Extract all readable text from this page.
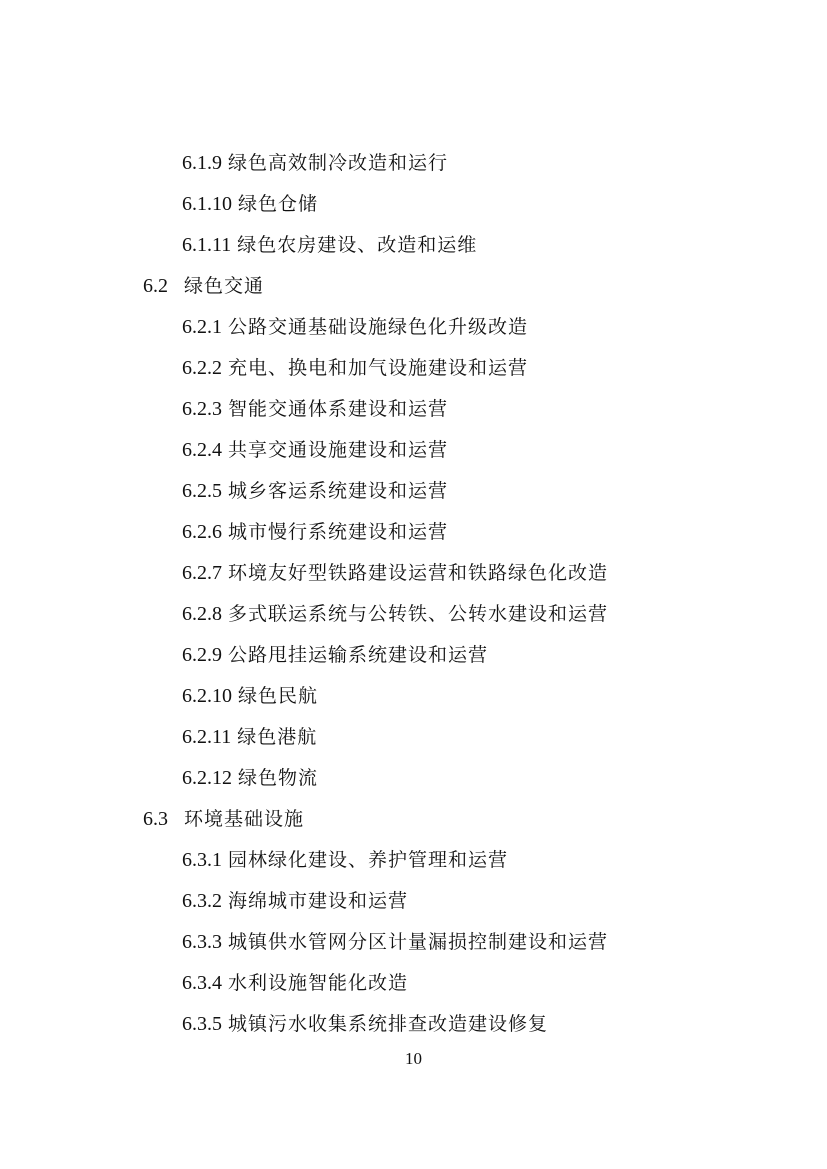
6.1.9 绿色高效制冷改造和运行
6.1.10 绿色仓储
6.1.11 绿色农房建设、改造和运维
6.2 绿色交通
6.2.1 公路交通基础设施绿色化升级改造
6.2.2 充电、换电和加气设施建设和运营
6.2.3 智能交通体系建设和运营
6.2.4 共享交通设施建设和运营
6.2.5 城乡客运系统建设和运营
6.2.6 城市慢行系统建设和运营
6.2.7 环境友好型铁路建设运营和铁路绿色化改造
6.2.8 多式联运系统与公转铁、公转水建设和运营
6.2.9 公路甩挂运输系统建设和运营
6.2.10 绿色民航
6.2.11 绿色港航
6.2.12 绿色物流
6.3 环境基础设施
6.3.1 园林绿化建设、养护管理和运营
6.3.2 海绵城市建设和运营
6.3.3 城镇供水管网分区计量漏损控制建设和运营
6.3.4 水利设施智能化改造
6.3.5 城镇污水收集系统排查改造建设修复
10
